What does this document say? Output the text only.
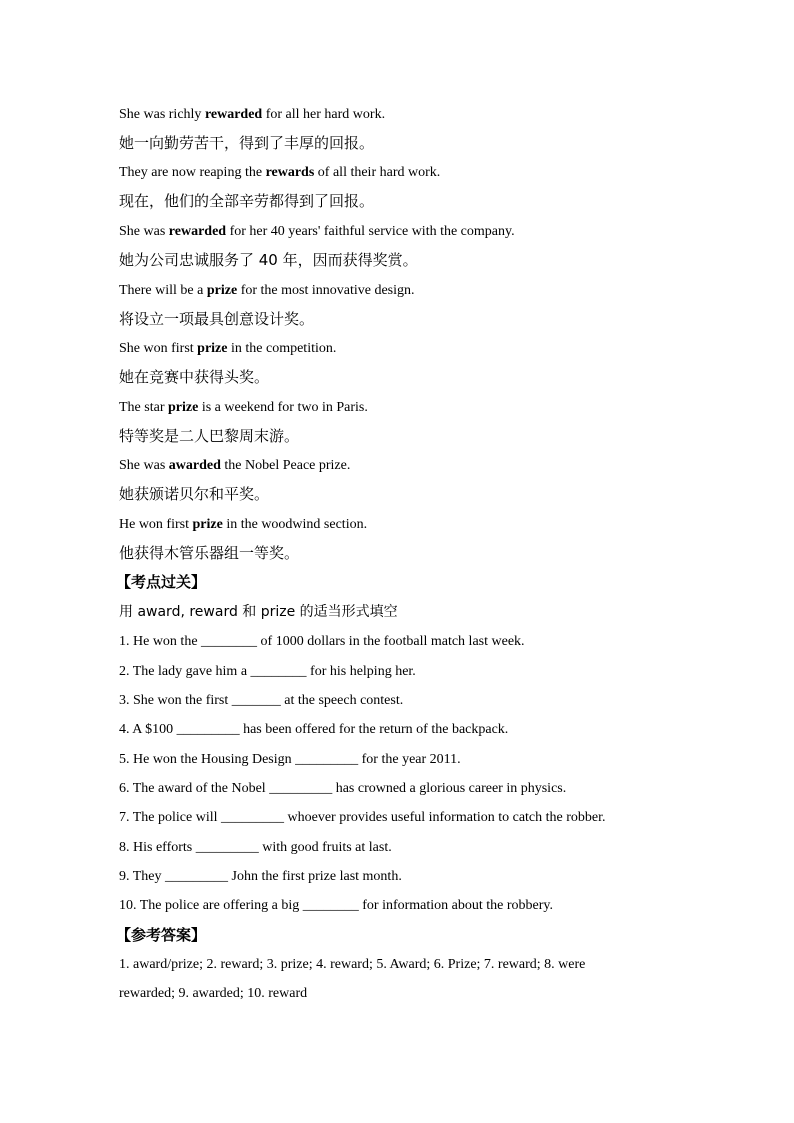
She was richly rewarded for all her hard work.
她一向勤劳苦干，得到了丰厚的回报。
They are now reaping the rewards of all their hard work.
现在，他们的全部辛劳都得到了回报。
She was rewarded for her 40 years' faithful service with the company.
她为公司忠诚服务了 40 年，因而获得奖赏。
There will be a prize for the most innovative design.
将设立一项最具创意设计奖。
She won first prize in the competition.
她在竞赛中获得头奖。
The star prize is a weekend for two in Paris.
特等奖是二人巴黎周末游。
She was awarded the Nobel Peace prize.
她获颁诺贝尔和平奖。
He won first prize in the woodwind section.
他获得木管乐器组一等奖。
【考点过关】
用 award, reward 和 prize 的适当形式填空
1. He won the ________ of 1000 dollars in the football match last week.
2. The lady gave him a ________ for his helping her.
3. She won the first _______ at the speech contest.
4. A $100 _________ has been offered for the return of the backpack.
5. He won the Housing Design _________ for the year 2011.
6. The award of the Nobel _________ has crowned a glorious career in physics.
7. The police will _________ whoever provides useful information to catch the robber.
8. His efforts _________ with good fruits at last.
9. They _________ John the first prize last month.
10. The police are offering a big ________ for information about the robbery.
【参考答案】
1. award/prize; 2. reward; 3. prize; 4. reward; 5. Award; 6. Prize; 7. reward; 8. were
rewarded; 9. awarded; 10. reward
